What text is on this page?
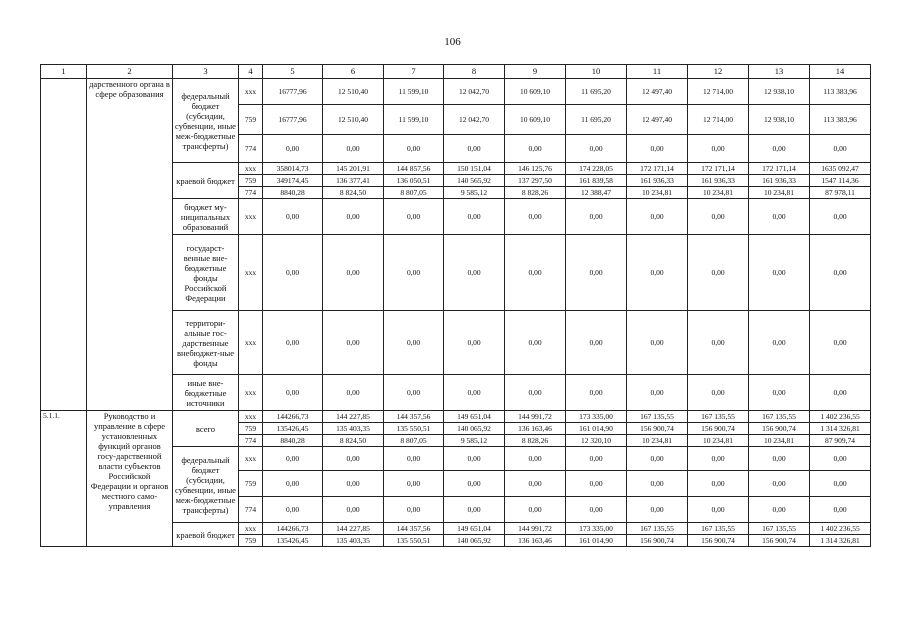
106
1	2	3	4	5	6	7	8	9	10	11	12	13	14
	дарственного органа в сфере образования	федеральный бюджет (субсидии, субвенции, иные меж-бюджетные трансферты)	xxx	16777,96	12 510,40	11 599,10	12 042,70	10 609,10	11 695,20	12 497,40	12 714,00	12 938,10	113 383,96
			759	16777,96	12 510,40	11 599,10	12 042,70	10 609,10	11 695,20	12 497,40	12 714,00	12 938,10	113 383,96
			774	0,00	0,00	0,00	0,00	0,00	0,00	0,00	0,00	0,00	0,00
		краевой бюджет	xxx	358014,73	145 201,91	144 857,56	150 151,04	146 125,76	174 228,05	172 171,14	172 171,14	172 171,14	1635 092,47
			759	349174,45	136 377,41	136 050,51	140 565,92	137 297,50	161 839,58	161 936,33	161 936,33	161 936,33	1547 114,36
			774	8840,28	8 824,50	8 807,05	9 585,12	8 828,26	12 388,47	10 234,81	10 234,81	10 234,81	87 978,11
		бюджет му-ниципальных образований	xxx	0,00	0,00	0,00	0,00	0,00	0,00	0,00	0,00	0,00	0,00
		государст-венные вне-бюджетные фонды Российской Федерации	xxx	0,00	0,00	0,00	0,00	0,00	0,00	0,00	0,00	0,00	0,00
		территори-альные гос-дарственные внебюджет-ные фонды	xxx	0,00	0,00	0,00	0,00	0,00	0,00	0,00	0,00	0,00	0,00
		иные вне-бюджетные источники	xxx	0,00	0,00	0,00	0,00	0,00	0,00	0,00	0,00	0,00	0,00
5.1.1.	Руководство и управление в сфере установленных функций органов госу-дарственной власти субъектов Российской Федерации и органов местного само-управления	всего	xxx	144266,73	144 227,85	144 357,56	149 651,04	144 991,72	173 335,00	167 135,55	167 135,55	167 135,55	1 402 236,55
			759	135426,45	135 403,35	135 550,51	140 065,92	136 163,46	161 014,90	156 900,74	156 900,74	156 900,74	1 314 326,81
			774	8840,28	8 824,50	8 807,05	9 585,12	8 828,26	12 320,10	10 234,81	10 234,81	10 234,81	87 909,74
		федеральный бюджет (субсидии, субвенции, иные меж-бюджетные трансферты)	xxx	0,00	0,00	0,00	0,00	0,00	0,00	0,00	0,00	0,00	0,00
			759	0,00	0,00	0,00	0,00	0,00	0,00	0,00	0,00	0,00	0,00
			774	0,00	0,00	0,00	0,00	0,00	0,00	0,00	0,00	0,00	0,00
		краевой бюджет	xxx	144266,73	144 227,85	144 357,56	149 651,04	144 991,72	173 335,00	167 135,55	167 135,55	167 135,55	1 402 236,55
			759	135426,45	135 403,35	135 550,51	140 065,92	136 163,46	161 014,90	156 900,74	156 900,74	156 900,74	1 314 326,81
